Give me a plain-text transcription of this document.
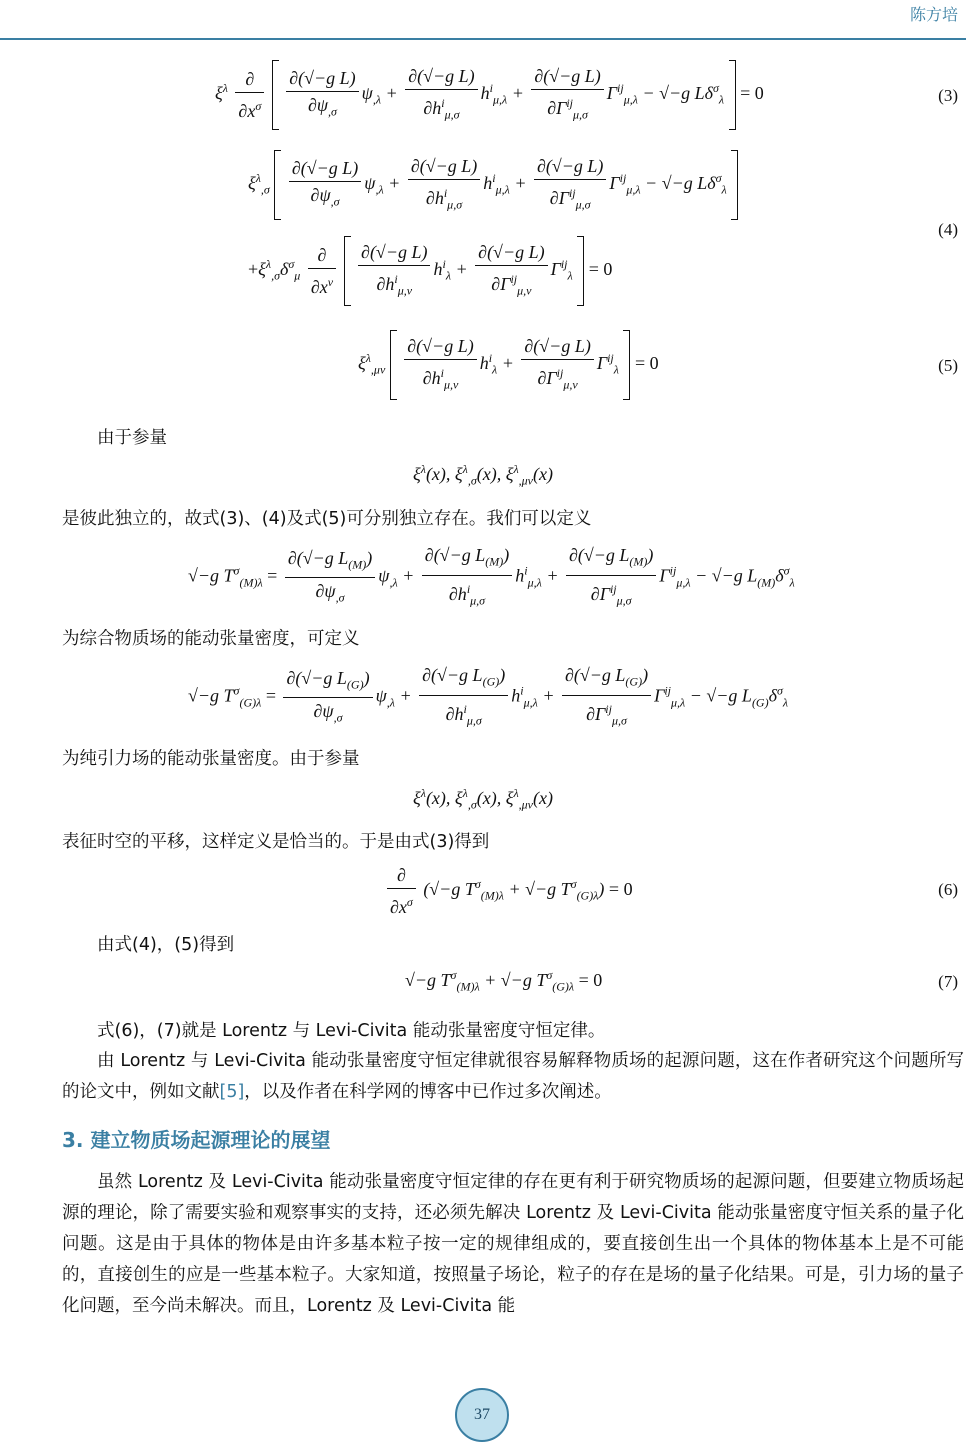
陈方培
$\xi^\lambda \frac{\partial}{\partial x^\sigma}$
$\frac{\text{∂(√−g L)}}{\partial\psi_{,\sigma}} \psi_{,\lambda} + \frac{\text{∂(√−g L)}}{\partial h^i_{\mu,\sigma}} h^i_{\mu,\lambda} + \frac{\text{∂(√−g L)}}{\partial\Gamma^{ij}_{\mu,\sigma}} \Gamma^{ij}_{\mu,\lambda} - √-g$ $L\delta^\sigma_\lambda = 0$	(3)
$\xi^\lambda_{,\sigma} \frac{\text{∂(√−g L)}}{\partial\psi_{,\sigma}} \psi_{,\lambda} + \frac{\text{∂(√−g L)}}{\partial h^i_{\mu,\sigma}} h^i_{\mu,\lambda} + \frac{\text{∂(√−g L)}}{\partial\Gamma^{ij}_{\mu,\sigma}} \Gamma^{ij}_{\mu,\lambda} - √-g$ $L\delta^\sigma_\lambda$
$+\xi^\lambda_{,\sigma}\delta^\sigma_\mu \frac{\partial}{\partial x^\nu}$
$\frac{\text{∂(√−g L)}}{\partial h^i_{\mu,\nu}} h^i_\lambda + \frac{\text{∂(√−g L)}}{\partial\Gamma^{ij}_{\mu,\nu}} \Gamma^{ij}_\lambda = 0$
(4)
$\xi^\lambda_{,\mu\nu} \frac{\text{∂(√−g L)}}{\partial h^i_{\mu,\nu}} h^i_\lambda + \frac{\text{∂(√−g L)}}{\partial\Gamma^{ij}_{\mu,\nu}} \Gamma^{ij}_\lambda = 0$	(5)
由于参量
$\xi^\lambda(x)$, $\xi^\lambda_{,\sigma}(x)$, $\xi^\lambda_{,\mu\nu}(x)$
是彼此独立的，故式(3)、(4)及式(5)可分别独立存在。我们可以定义
√−g $T^\sigma_{(M)\lambda} = \frac{\partial(√-g L_{(M)})}{\partial\psi_{,\sigma}} \psi_{,\lambda} + \frac{\partial(√-g L_{(M)})}{\partial h^i_{\mu,\sigma}} h^i_{\mu,\lambda} + \frac{\partial(√-g L_{(M)})}{\partial\Gamma^{ij}_{\mu,\sigma}} \Gamma^{ij}_{\mu,\lambda} - √-g$ $L_{(M)}\delta^\sigma_\lambda$
为综合物质场的能动张量密度，可定义
√−g $T^\sigma_{(G)\lambda} = \frac{\partial(√-g L_{(G)})}{\partial\psi_{,\sigma}} \psi_{,\lambda} + \frac{\partial(√-g L_{(G)})}{\partial h^i_{\mu,\sigma}} h^i_{\mu,\lambda} + \frac{\partial(√-g L_{(G)})}{\partial\Gamma^{ij}_{\mu,\sigma}} \Gamma^{ij}_{\mu,\lambda} - √-g$ $L_{(G)}\delta^\sigma_\lambda$
为纯引力场的能动张量密度。由于参量
$\xi^\lambda(x)$, $\xi^\lambda_{,\sigma}(x)$, $\xi^\lambda_{,\mu\nu}(x)$
表征时空的平移，这样定义是恰当的。于是由式(3)得到
$\frac{\partial}{\partial x^\sigma} (√-g$ $T^\sigma_{(M)\lambda} + √-g$ $T^\sigma_{(G)\lambda}) = 0$	(6)
由式(4)，(5)得到
√−g $T^\sigma_{(M)\lambda} + √-g$ $T^\sigma_{(G)\lambda} = 0$	(7)
式(6)，(7)就是 Lorentz 与 Levi-Civita 能动张量密度守恒定律。
由 Lorentz 与 Levi-Civita 能动张量密度守恒定律就很容易解释物质场的起源问题，这在作者研究这个问题所写的论文中，例如文献[5]，以及作者在科学网的博客中已作过多次阐述。
3. 建立物质场起源理论的展望
虽然 Lorentz 及 Levi-Civita 能动张量密度守恒定律的存在更有利于研究物质场的起源问题，但要建立物质场起源的理论，除了需要实验和观察事实的支持，还必须先解决 Lorentz 及 Levi-Civita 能动张量密度守恒关系的量子化问题。这是由于具体的物体是由许多基本粒子按一定的规律组成的，要直接创生出一个具体的物体基本上是不可能的，直接创生的应是一些基本粒子。大家知道，按照量子场论，粒子的存在是场的量子化结果。可是，引力场的量子化问题，至今尚未解决。而且，Lorentz 及 Levi-Civita 能
37
